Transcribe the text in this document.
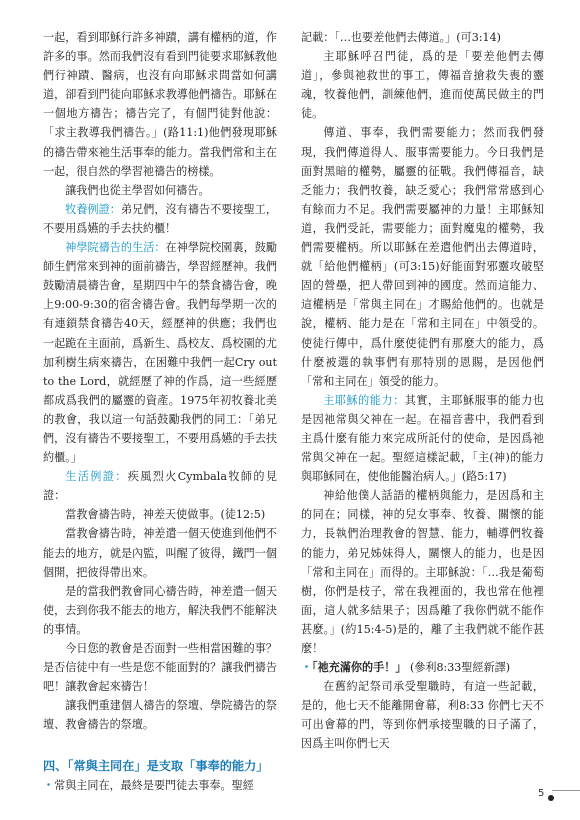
一起，看到耶穌行許多神蹟，講有權柄的道，作許多的事。然而我們沒有看到門徒要求耶穌教他們行神蹟、醫病，也沒有向耶穌求問當如何講道，卻看到門徒向耶穌求教導他們禱告。耶穌在一個地方禱告；禱告完了，有個門徒對他說：「求主教導我們禱告。」(路11:1)他們發現耶穌的禱告帶來祂生活事奉的能力。當我們常和主在一起，很自然的學習祂禱告的榜樣。

讓我們也從主學習如何禱告。

牧養例證：弟兄們，沒有禱告不要接聖工，不要用爲嬿的手去扶約櫃！

神學院禱告的生活：在神學院校園裏，鼓勵師生們常來到神的面前禱告，學習經歷神。我們鼓勵清晨禱告會，星期四中午的禁食禱告會，晚上9:00-9:30的宿舍禱告會。我們每學期一次的有連鎖禁食禱告40天，經歷神的供應；我們也一起跪在主面前，爲新生、爲校友、爲校園的尤加利樹生病來禱告，在困難中我們一起Cry out to the Lord，就經歷了神的作爲，這一些經歷都成爲我們的屬靈的資產。1975年初牧養北美的教會，我以這一句話鼓勵我們的同工：「弟兄們，沒有禱告不要接聖工，不要用爲嬿的手去扶約櫃。」

生活例證：疾風烈火Cymbala牧師的見證：

當教會禱告時，神差天使做事。(徒12:5)

當教會禱告時，神差遣一個天使進到他們不能去的地方，就是內監，叫醒了彼得，鐵門一個個開，把彼得帶出來。

是的當我們教會同心禱告時，神差遣一個天使，去到你我不能去的地方，解決我們不能解決的事情。

今日您的教會是否面對一些相當困難的事？是否信徒中有一些是您不能面對的？讓我們禱告吧！讓教會起來禱告！

讓我們重建個人禱告的祭壇、學院禱告的祭壇、教會禱告的祭壇。

四、「常與主同在」是支取「事奉的能力」

・常與主同在，最終是要門徒去事奉。聖經

記載：「…也要差他們去傳道。」(可3:14)

主耶穌呼召門徒，爲的是「要差他們去傳道」，參與祂救世的事工，傳福音搶救失喪的靈魂，牧養他們，訓練他們，進而使萬民做主的門徒。

傳道、事奉，我們需要能力；然而我們發現，我們傳道得人、服事需要能力。今日我們是面對黑暗的權勢，屬靈的征戰。我們傳福音，缺乏能力；我們牧養，缺乏愛心；我們常常感到心有餘而力不足。我們需要屬神的力量！主耶穌知道，我們受託，需要能力；面對魔鬼的權勢，我們需要權柄。所以耶穌在差遣他們出去傳道時，就「給他們權柄」(可3:15)好能面對邪靈攻破堅固的營壘，把人帶回到神的國度。然而這能力、這權柄是「常與主同在」才賜給他們的。也就是說，權柄、能力是在「常和主同在」中領受的。使徒行傳中，爲什麼使徒們有那麼大的能力，爲什麼被選的執事們有那特別的恩賜，是因他們「常和主同在」領受的能力。

主耶穌的能力：其實，主耶穌服事的能力也是因祂常與父神在一起。在福音書中，我們看到主爲什麼有能力來完成所託付的使命，是因爲祂常與父神在一起。聖經這樣記載，「主(神)的能力與耶穌同在，使他能醫治病人。」(路5:17)

神給他僕人話語的權柄與能力，是因爲和主的同在；同樣，神的兒女事奉、牧養、關懷的能力，長執們治理教會的智慧、能力，輔導們牧養的能力，弟兄姊妹得人，關懷人的能力，也是因「常和主同在」而得的。主耶穌說：「…我是葡萄樹，你們是枝子，常在我裡面的，我也常在他裡面，這人就多結果子；因爲離了我你們就不能作甚麼。」(約15:4-5)是的，離了主我們就不能作甚麼！

・「祂充滿你的手！」 (參利8:33聖經新譯)

在舊約記祭司承受聖職時，有這一些記載，是的，他七天不能離開會幕，利8:33 你們七天不可出會幕的門，等到你們承接聖職的日子滿了，因爲主叫你們七天

5
